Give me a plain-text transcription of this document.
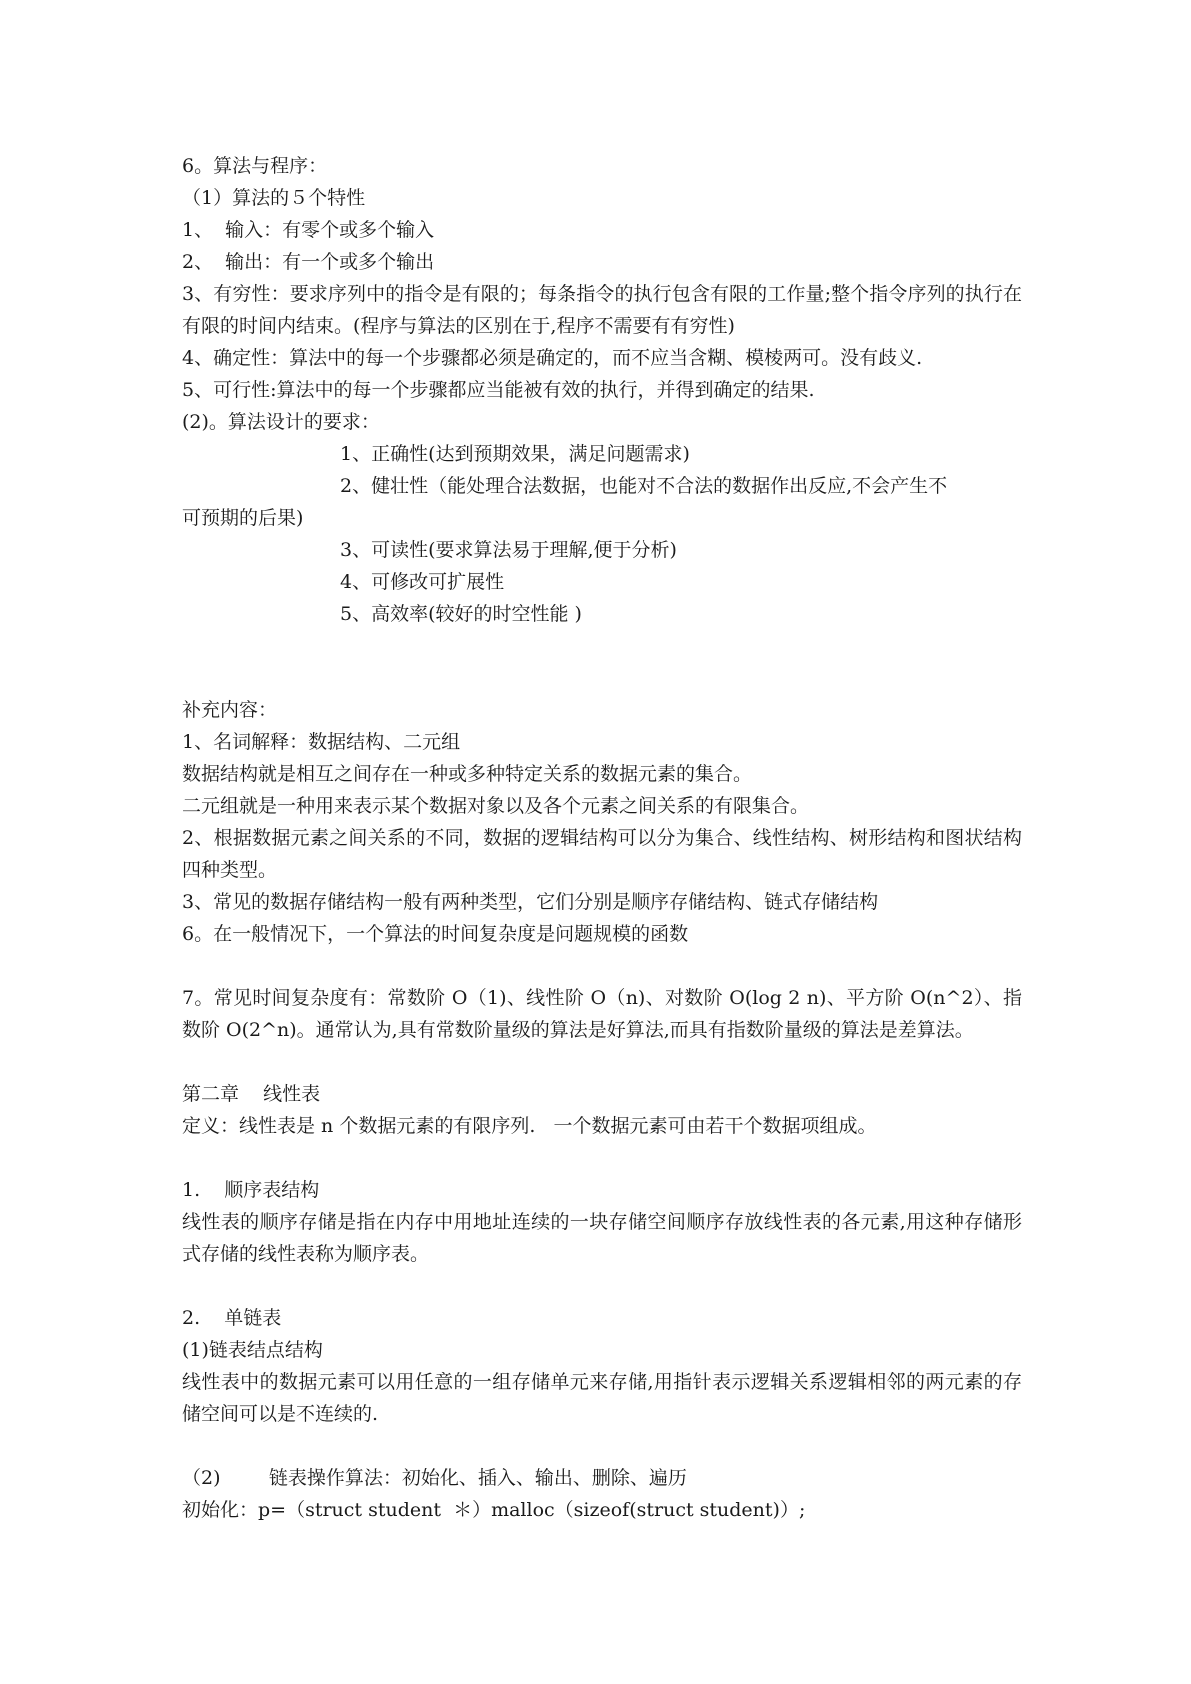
6。算法与程序：
（1）算法的５个特性
1、  输入：有零个或多个输入
2、  输出：有一个或多个输出

3、有穷性：要求序列中的指令是有限的；每条指令的执行包含有限的工作量;整个指令序列的执行在有限的时间内结束。(程序与算法的区别在于,程序不需要有有穷性)

4、确定性：算法中的每一个步骤都必须是确定的，而不应当含糊、模棱两可。没有歧义.
5、可行性:算法中的每一个步骤都应当能被有效的执行，并得到确定的结果.
(2)。算法设计的要求：
1、正确性(达到预期效果，满足问题需求)
2、健壮性（能处理合法数据，也能对不合法的数据作出反应,不会产生不
可预期的后果)
3、可读性(要求算法易于理解,便于分析)
4、可修改可扩展性
5、高效率(较好的时空性能 )
补充内容：
1、名词解释：数据结构、二元组
数据结构就是相互之间存在一种或多种特定关系的数据元素的集合。
二元组就是一种用来表示某个数据对象以及各个元素之间关系的有限集合。

2、根据数据元素之间关系的不同，数据的逻辑结构可以分为集合、线性结构、树形结构和图状结构四种类型。

3、常见的数据存储结构一般有两种类型，它们分别是顺序存储结构、链式存储结构
6。在一般情况下，一个算法的时间复杂度是问题规模的函数

7。常见时间复杂度有：常数阶 O（1)、线性阶 O（n)、对数阶 O(log 2 n)、平方阶 O(n^2）、指数阶 O(2^n)。通常认为,具有常数阶量级的算法是好算法,而具有指数阶量级的算法是差算法。

第二章    线性表
定义：线性表是 n 个数据元素的有限序列.   一个数据元素可由若干个数据项组成。
1.    顺序表结构

线性表的顺序存储是指在内存中用地址连续的一块存储空间顺序存放线性表的各元素,用这种存储形式存储的线性表称为顺序表。

2.    单链表
(1)链表结点结构

线性表中的数据元素可以用任意的一组存储单元来存储,用指针表示逻辑关系逻辑相邻的两元素的存储空间可以是不连续的.

（2)        链表操作算法：初始化、插入、输出、删除、遍历
初始化：p=（struct student  ＊）malloc（sizeof(struct student)）;
